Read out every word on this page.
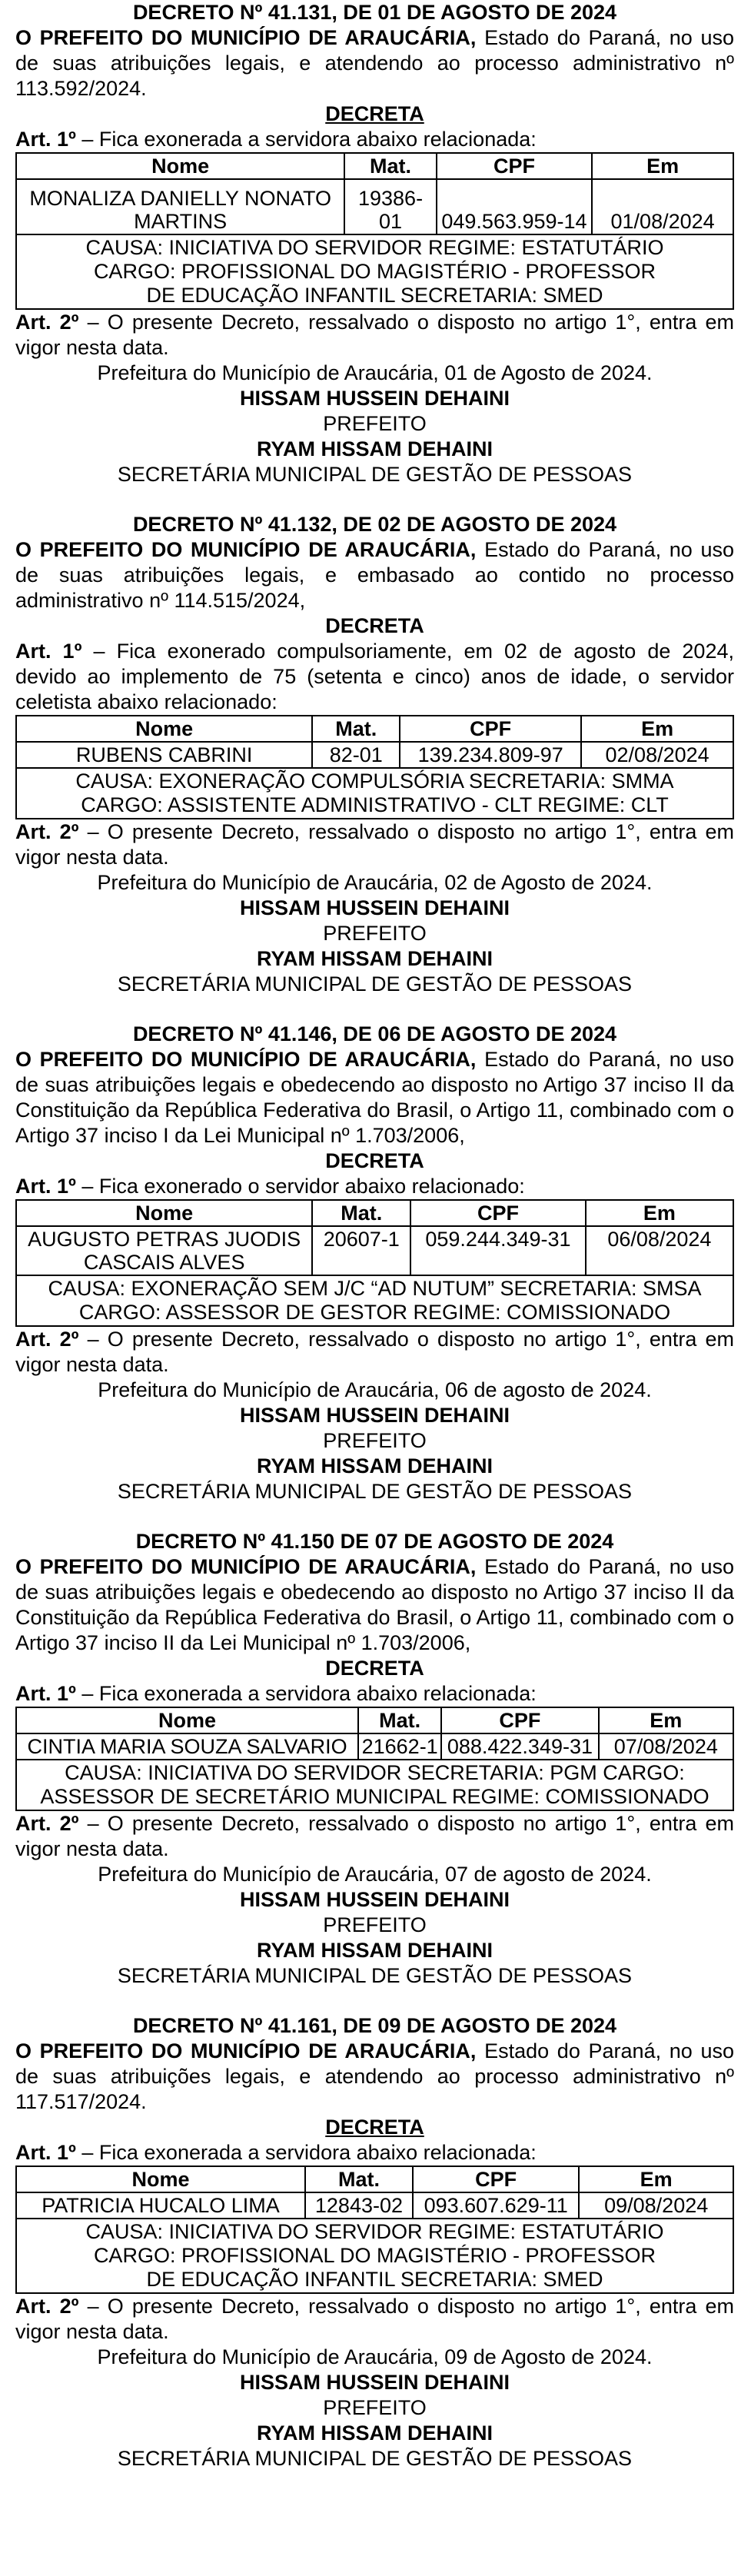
DECRETO Nº 41.131, DE 01 DE AGOSTO DE 2024
O PREFEITO DO MUNICÍPIO DE ARAUCÁRIA, Estado do Paraná, no uso de suas atribuições legais, e atendendo ao processo administrativo nº 113.592/2024.
DECRETA
Art. 1º – Fica exonerada a servidora abaixo relacionada:
Nome	Mat.	CPF	Em
MONALIZA DANIELLY NONATO MARTINS	19386-01	049.563.959-14	01/08/2024

CAUSA: INICIATIVA DO SERVIDOR REGIME: ESTATUTÁRIO
CARGO: PROFISSIONAL DO MAGISTÉRIO - PROFESSOR
DE EDUCAÇÃO INFANTIL SECRETARIA: SMED			
Art. 2º – O presente Decreto, ressalvado o disposto no artigo 1°, entra em vigor nesta data.
Prefeitura do Município de Araucária, 01 de Agosto de 2024.
HISSAM HUSSEIN DEHAINI
PREFEITO
RYAM HISSAM DEHAINI
SECRETÁRIA MUNICIPAL DE GESTÃO DE PESSOAS
DECRETO Nº 41.132, DE 02 DE AGOSTO DE 2024
O PREFEITO DO MUNICÍPIO DE ARAUCÁRIA, Estado do Paraná, no uso de suas atribuições legais, e embasado ao contido no processo administrativo nº 114.515/2024,
DECRETA
Art. 1º – Fica exonerado compulsoriamente, em 02 de agosto de 2024, devido ao implemento de 75 (setenta e cinco) anos de idade, o servidor celetista abaixo relacionado:
Nome	Mat.	CPF	Em
RUBENS CABRINI	82-01	139.234.809-97	02/08/2024

CAUSA: EXONERAÇÃO COMPULSÓRIA SECRETARIA: SMMA
CARGO: ASSISTENTE ADMINISTRATIVO - CLT REGIME: CLT			
Art. 2º – O presente Decreto, ressalvado o disposto no artigo 1°, entra em vigor nesta data.
Prefeitura do Município de Araucária, 02 de Agosto de 2024.
HISSAM HUSSEIN DEHAINI
PREFEITO
RYAM HISSAM DEHAINI
SECRETÁRIA MUNICIPAL DE GESTÃO DE PESSOAS
DECRETO Nº 41.146, DE 06 DE AGOSTO DE 2024
O PREFEITO DO MUNICÍPIO DE ARAUCÁRIA, Estado do Paraná, no uso de suas atribuições legais e obedecendo ao disposto no Artigo 37 inciso II da Constituição da República Federativa do Brasil, o Artigo 11, combinado com o Artigo 37 inciso I da Lei Municipal nº 1.703/2006,
DECRETA
Art. 1º – Fica exonerado o servidor abaixo relacionado:
Nome	Mat.	CPF	Em
AUGUSTO PETRAS JUODIS CASCAIS ALVES	20607-1	059.244.349-31	06/08/2024

CAUSA: EXONERAÇÃO SEM J/C “AD NUTUM” SECRETARIA: SMSA
CARGO: ASSESSOR DE GESTOR REGIME: COMISSIONADO			
Art. 2º – O presente Decreto, ressalvado o disposto no artigo 1°, entra em vigor nesta data.
Prefeitura do Município de Araucária, 06 de agosto de 2024.
HISSAM HUSSEIN DEHAINI
PREFEITO
RYAM HISSAM DEHAINI
SECRETÁRIA MUNICIPAL DE GESTÃO DE PESSOAS
DECRETO Nº 41.150 DE 07 DE AGOSTO DE 2024
O PREFEITO DO MUNICÍPIO DE ARAUCÁRIA, Estado do Paraná, no uso de suas atribuições legais e obedecendo ao disposto no Artigo 37 inciso II da Constituição da República Federativa do Brasil, o Artigo 11, combinado com o Artigo 37 inciso II da Lei Municipal nº 1.703/2006,
DECRETA
Art. 1º – Fica exonerada a servidora abaixo relacionada:
Nome	Mat.	CPF	Em
CINTIA MARIA SOUZA SALVARIO	21662-1	088.422.349-31	07/08/2024

CAUSA: INICIATIVA DO SERVIDOR SECRETARIA: PGM CARGO:
ASSESSOR DE SECRETÁRIO MUNICIPAL REGIME: COMISSIONADO			
Art. 2º – O presente Decreto, ressalvado o disposto no artigo 1°, entra em vigor nesta data.
Prefeitura do Município de Araucária, 07 de agosto de 2024.
HISSAM HUSSEIN DEHAINI
PREFEITO
RYAM HISSAM DEHAINI
SECRETÁRIA MUNICIPAL DE GESTÃO DE PESSOAS
DECRETO Nº 41.161, DE 09 DE AGOSTO DE 2024
O PREFEITO DO MUNICÍPIO DE ARAUCÁRIA, Estado do Paraná, no uso de suas atribuições legais, e atendendo ao processo administrativo nº 117.517/2024.
DECRETA
Art. 1º – Fica exonerada a servidora abaixo relacionada:
Nome	Mat.	CPF	Em
PATRICIA HUCALO LIMA	12843-02	093.607.629-11	09/08/2024

CAUSA: INICIATIVA DO SERVIDOR REGIME: ESTATUTÁRIO
CARGO: PROFISSIONAL DO MAGISTÉRIO - PROFESSOR
DE EDUCAÇÃO INFANTIL SECRETARIA: SMED			
Art. 2º – O presente Decreto, ressalvado o disposto no artigo 1°, entra em vigor nesta data.
Prefeitura do Município de Araucária, 09 de Agosto de 2024.
HISSAM HUSSEIN DEHAINI
PREFEITO
RYAM HISSAM DEHAINI
SECRETÁRIA MUNICIPAL DE GESTÃO DE PESSOAS
